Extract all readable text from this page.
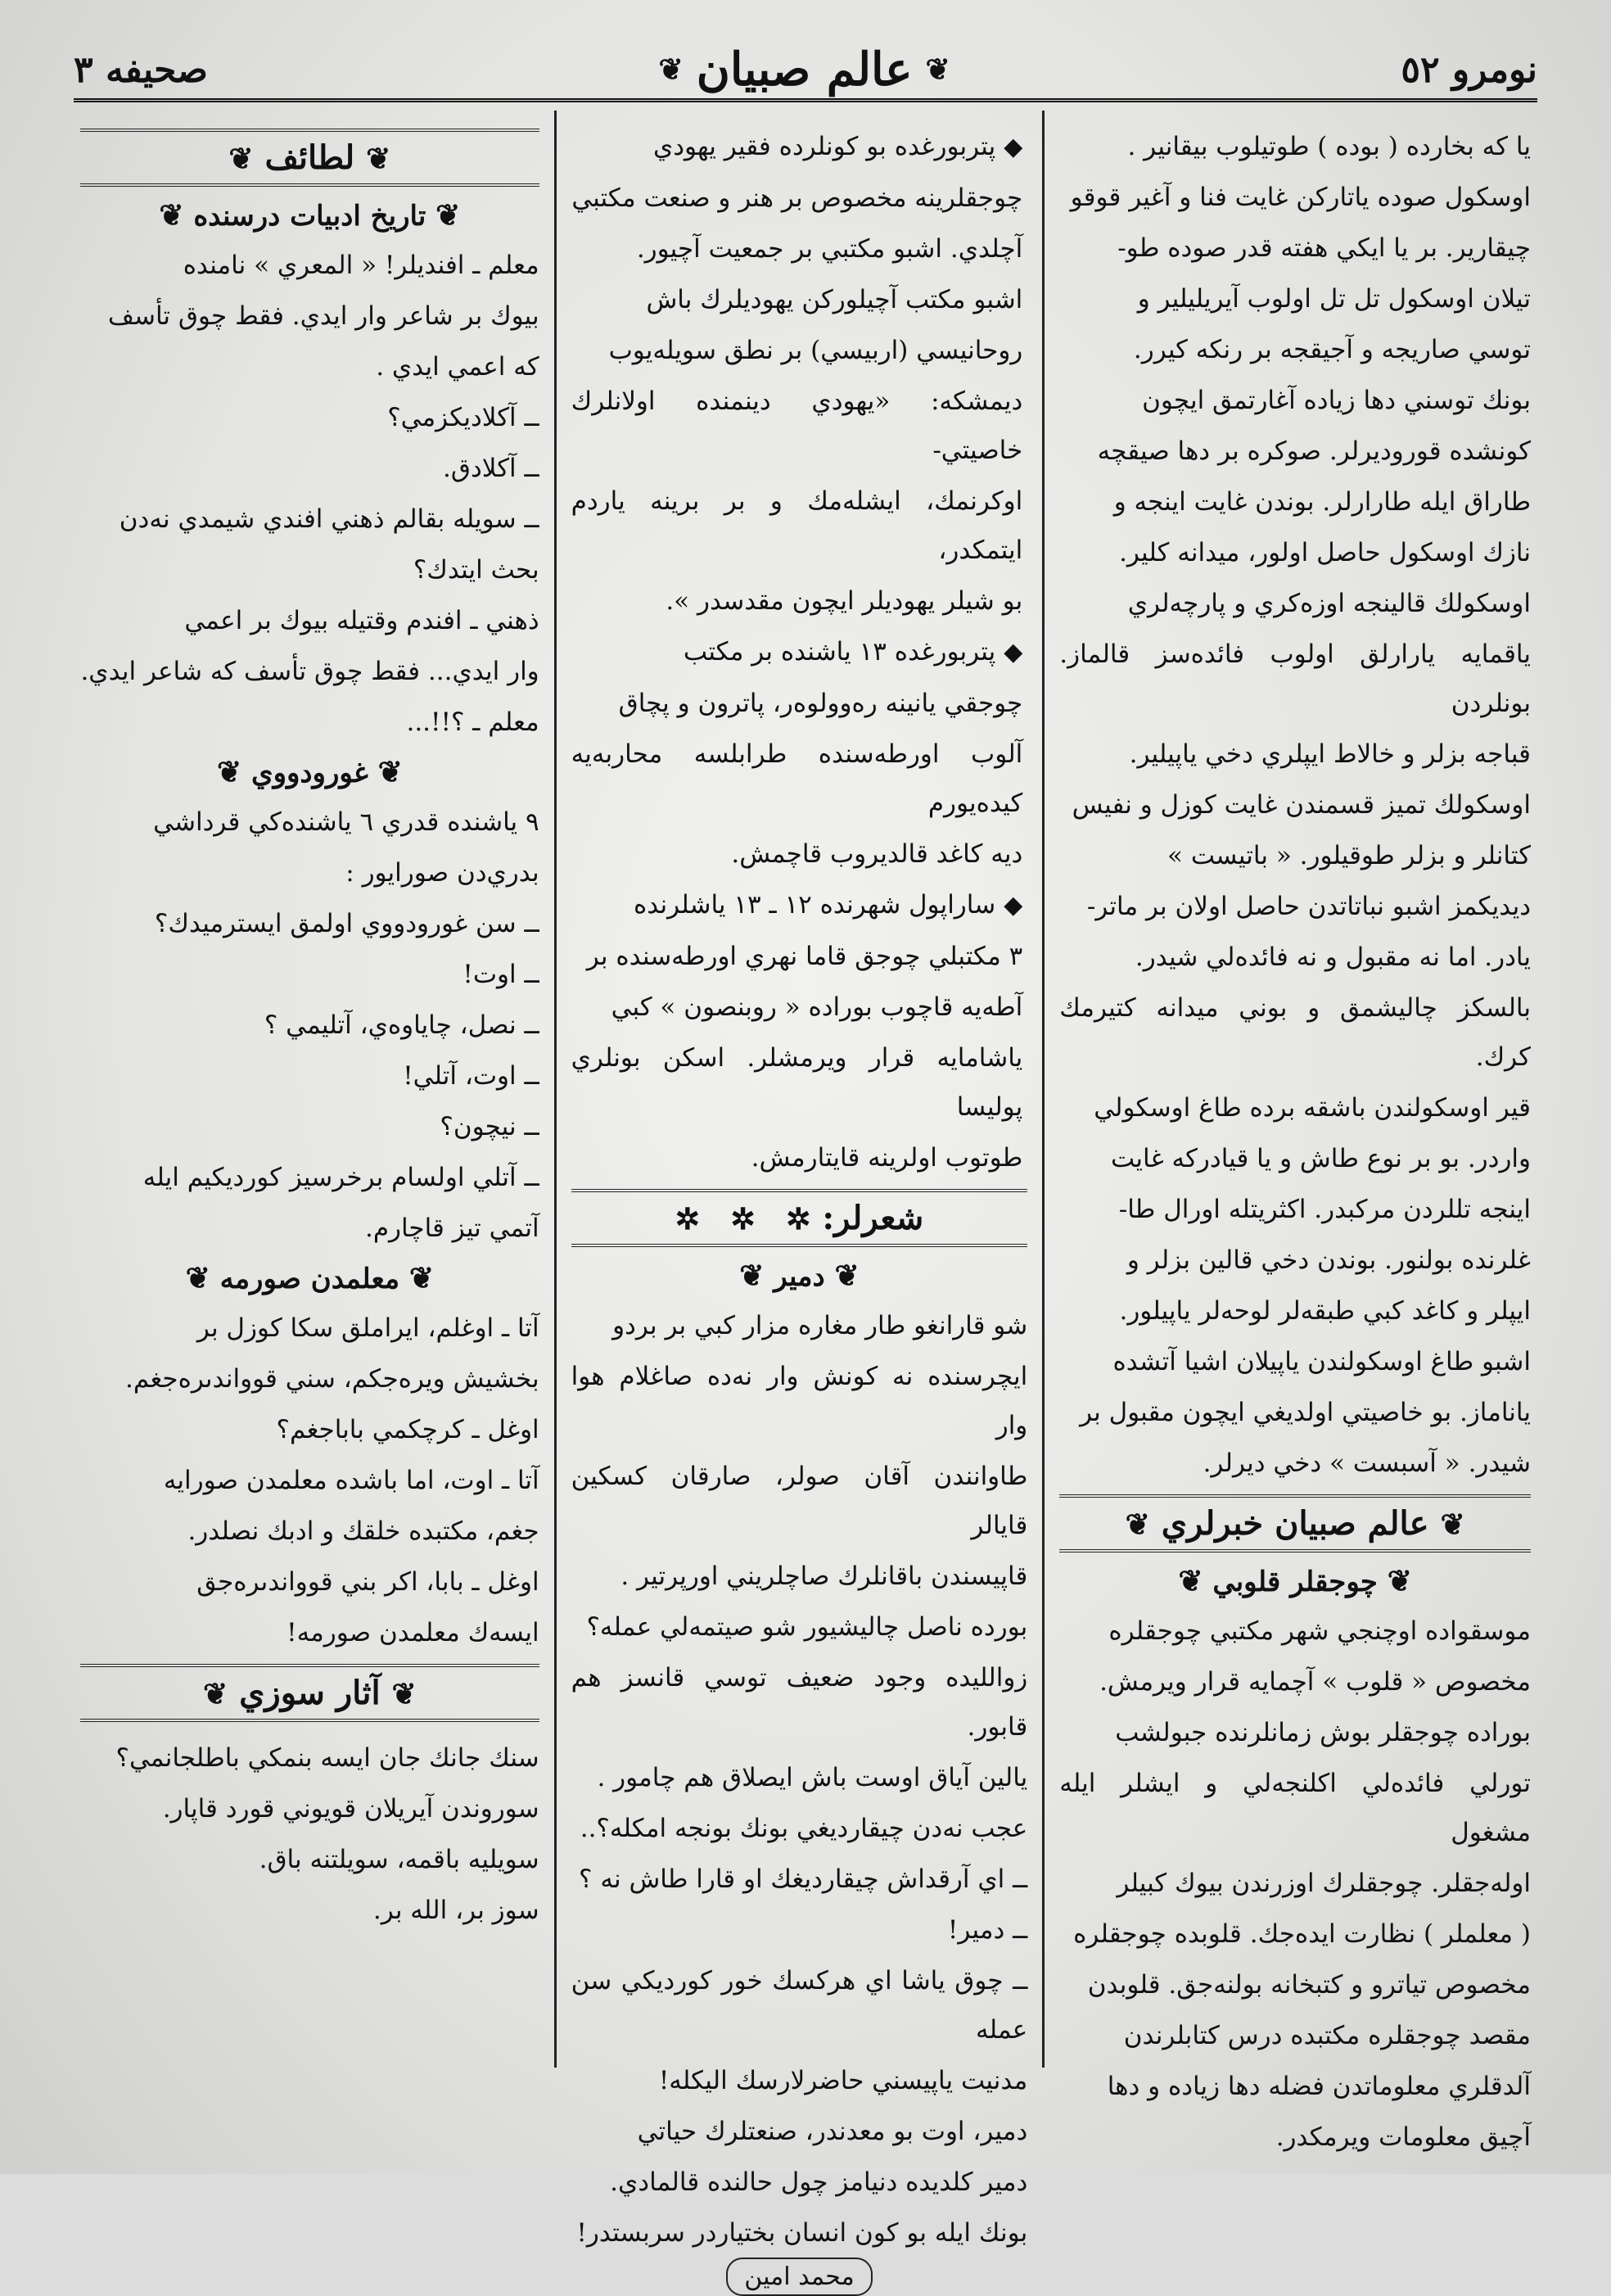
نومرو ٥٢
❦
عالم صبيان
❦
صحيفه ٣

يا كه بخارده ( بوده ) طوتيلوب بيقانير .

اوسكول صوده ياتاركن غايت فنا و آغير قوقو

چيقارير. بر يا ايكي هفته قدر صوده طو-

تيلان اوسكول تل تل اولوب آيريليلير و

توسي صاريجه و آجيقجه بر رنكه كيرر.

بونك توسني دها زياده آغارتمق ايچون

كونشده قوروديرلر. صوكره بر دها صيقچه

طاراق ايله طارارلر. بوندن غايت اينجه و

نازك اوسكول حاصل اولور، ميدانه كلير.

اوسكولك قالينجه اوزه‌كري و پارچه‌لري

ياقمايه يارارلق اولوب فائده‌سز قالماز. بونلردن

قباجه بزلر و خالاط ايپلري دخي ياپيلير.

اوسكولك تميز قسمندن غايت كوزل و نفيس

كتانلر و بزلر طوقيلور. « باتيست »

ديديكمز اشبو نباتاتدن حاصل اولان بر ماتر-

يادر. اما نه مقبول و نه فائده‌لي شيدر.

بالسكز چاليشمق و بوني ميدانه كتيرمك كرك.

قير اوسكولندن باشقه برده طاغ اوسكولي

واردر. بو بر نوع طاش و يا قيادركه غايت

اينجه تللردن مركبدر. اكثريتله اورال طا-

غلرنده بولنور. بوندن دخي قالين بزلر و

ايپلر و كاغد كبي طبقه‌لر لوحه‌لر ياپيلور.

اشبو طاغ اوسكولندن ياپيلان اشيا آتشده

ياناماز. بو خاصيتي اولديغي ايچون مقبول بر

شيدر. « آسبست » دخي ديرلر.

❦ عالم صبيان خبرلري ❦
❦ چوجقلر قلوبي ❦

موسقواده اوچنجي شهر مكتبي چوجقلره

مخصوص « قلوب » آچمايه قرار ويرمش.

بوراده چوجقلر بوش زمانلرنده جبولشب

تورلي فائده‌لي اكلنجه‌لي و ايشلر ايله مشغول

اوله‌جقلر. چوجقلرك اوزرندن بيوك كبيلر

( معلملر ) نظارت ايده‌جك. قلوبده چوجقلره

مخصوص تياترو و كتبخانه بولنه‌جق. قلوبدن

مقصد چوجقلره مكتبده درس كتابلرندن

آلدقلري معلوماتدن فضله دها زياده و دها

آچيق معلومات ويرمكدر.

◆پتربورغده بو كونلرده فقير يهودي

چوجقلرينه مخصوص بر هنر و صنعت مكتبي

آچلدي. اشبو مكتبي بر جمعيت آچيور.

اشبو مكتب آچيلوركن يهوديلرك باش

روحانيسي (اربيسي) بر نطق سويله‌يوب

ديمشكه: «يهودي دينمنده اولانلرك خاصيتي-

اوكرنمك، ايشله‌مك و بر برينه ياردم ايتمكدر،

بو شيلر يهوديلر ايچون مقدسدر ».

◆پتربورغده ١٣ ياشنده بر مكتب

چوجقي يانينه رەوولوەر، پاترون و پچاق

آلوب اورطه‌سنده طرابلسه محاربه‌يه كيده‌يورم

ديه كاغد قالديروب قاچمش.

◆ساراپول شهرنده ١٢ ـ ١٣ ياشلرنده

٣ مكتبلي چوجق قاما نهري اورطه‌سنده بر

آطه‌يه قاچوب بوراده « روبنصون » كبي

ياشامايه قرار ويرمشلر. اسكن بونلري پوليسا

طوتوب اولرينه قايتارمش.

شعرلر: ✲   ✲   ✲
❦ دمير ❦

شو قارانغو طار مغاره مزار كبي بر بردو

ايچرسنده نه كونش وار نه‌ده صاغلام هوا وار

طاوانندن آقان صولر، صارقان كسكين قايالر

قاپيسندن باقانلرك صاچلريني اورپرتير .

بورده ناصل چاليشيور شو صيتمه‌لي عمله؟

زوالليده وجود ضعيف توسي قانسز هم قابور.

يالين آياق اوست باش ايصلاق هم چامور .

عجب نه‌دن چيقارديغي بونك بونجه امكله؟..

ــ اي آرقداش چيقارديغك او قارا طاش نه ؟

ــ دمير!

ــ چوق ياشا اي هركسك خور كورديكي سن عمله

مدنيت ياپيسني حاضرلارسك اليكله!

دمير، اوت بو معدندر، صنعتلرك حياتي

دمير كلديده دنيامز چول حالنده قالمادي.

بونك ايله بو كون انسان بختياردر سربستدر!

محمد امين
❦ لطائف ❦
❦ تاريخ ادبيات درسنده ❦

معلم ـ افنديلر! « المعري » نامنده

بيوك بر شاعر وار ايدي. فقط چوق تأسف

كه اعمي ايدي .

ــ آكلاديكزمي؟

ــ آكلادق.

ــ سويله بقالم ذهني افندي شيمدي نه‌دن

بحث ايتدك؟

ذهني ـ افندم وقتيله بيوك بر اعمي

وار ايدي... فقط چوق تأسف كه شاعر ايدي.

معلم ـ ؟!!...

❦ غورودووي ❦

٩ ياشنده قدري ٦ ياشنده‌كي قرداشي

بدري‌دن صورايور :

ــ سن غورودووي اولمق ايسترميدك؟

ــ اوت!

ــ نصل، چاياوەي، آتليمي ؟

ــ اوت، آتلي!

ــ نيچون؟

ــ آتلي اولسام برخرسيز كورديكيم ايله

آتمي تيز قاچارم.

❦ معلمدن صورمه ❦

آتا ـ اوغلم، ايراملق سكا كوزل بر

بخشيش ويره‌جكم، سني قوواندىره‌جغم.

اوغل ـ كرچكمي باباجغم؟

آتا ـ اوت، اما باشده معلمدن صورايه

جغم، مكتبده خلقك و ادبك نصلدر.

اوغل ـ بابا، اكر بني قوواندىره‌جق

ايسه‌ك معلمدن صورمه!

❦ آثار سوزي ❦

سنك جانك جان ايسه بنمكي باطلجانمي؟

سوروندن آيريلان قويوني قورد قاپار.

سويليه باقمه، سويلتنه باق.

سوز بر، الله بر.
